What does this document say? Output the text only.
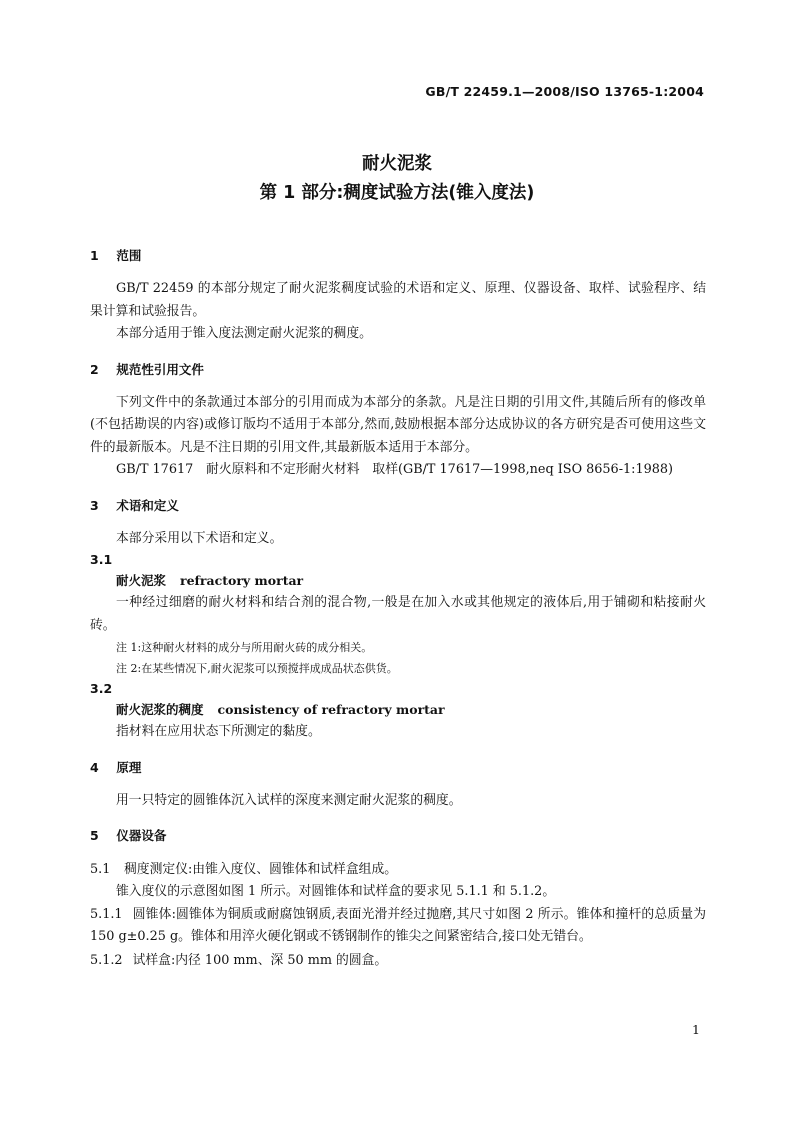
GB/T 22459.1—2008/ISO 13765-1:2004
耐火泥浆
第 1 部分:稠度试验方法(锥入度法)
1 范围

GB/T 22459 的本部分规定了耐火泥浆稠度试验的术语和定义、原理、仪器设备、取样、试验程序、结果计算和试验报告。

本部分适用于锥入度法测定耐火泥浆的稠度。

2 规范性引用文件

下列文件中的条款通过本部分的引用而成为本部分的条款。凡是注日期的引用文件,其随后所有的修改单(不包括勘误的内容)或修订版均不适用于本部分,然而,鼓励根据本部分达成协议的各方研究是否可使用这些文件的最新版本。凡是不注日期的引用文件,其最新版本适用于本部分。

GB/T 17617　耐火原料和不定形耐火材料　取样(GB/T 17617—1998,neq ISO 8656-1:1988)

3 术语和定义

本部分采用以下术语和定义。

3.1
耐火泥浆 refractory mortar

一种经过细磨的耐火材料和结合剂的混合物,一般是在加入水或其他规定的液体后,用于铺砌和粘接耐火砖。

注 1:这种耐火材料的成分与所用耐火砖的成分相关。
注 2:在某些情况下,耐火泥浆可以预搅拌成成品状态供货。
3.2
耐火泥浆的稠度 consistency of refractory mortar

指材料在应用状态下所测定的黏度。

4 原理

用一只特定的圆锥体沉入试样的深度来测定耐火泥浆的稠度。

5 仪器设备
5.1 稠度测定仪:由锥入度仪、圆锥体和试样盒组成。

锥入度仪的示意图如图 1 所示。对圆锥体和试样盒的要求见 5.1.1 和 5.1.2。

5.1.1 圆锥体:圆锥体为铜质或耐腐蚀钢质,表面光滑并经过抛磨,其尺寸如图 2 所示。锥体和撞杆的总质量为 150 g±0.25 g。锥体和用淬火硬化钢或不锈钢制作的锥尖之间紧密结合,接口处无错台。

5.1.2 试样盒:内径 100 mm、深 50 mm 的圆盒。
1
